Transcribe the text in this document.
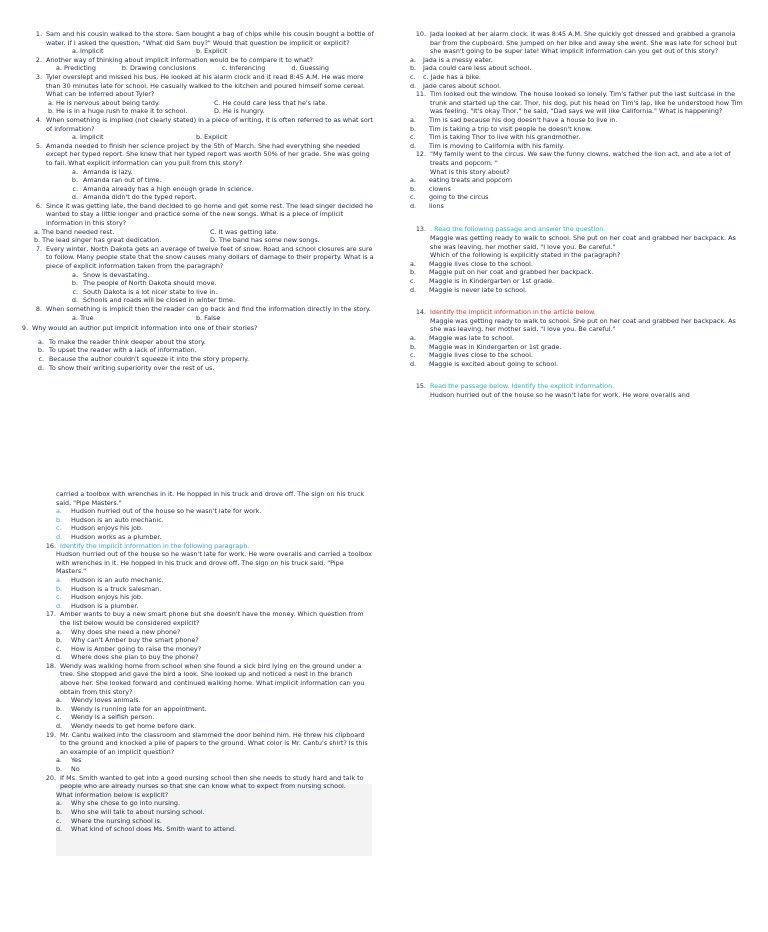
1. Sam and his cousin walked to the store. Sam bought a bag of chips while his cousin bought a bottle of water. If I asked the question, "What did Sam buy?" Would that question be implicit or explicit?
a. Implicit	b. Explicit
2. Another way of thinking about implicit information would be to compare it to what?
a. Predicting	b. Drawing conclusions	c. Inferencing	d. Guessing
3. Tyler overslept and missed his bus. He looked at his alarm clock and it read 8:45 A.M. He was more than 30 minutes late for school. He casually walked to the kitchen and poured himself some cereal. What can be inferred about Tyler?
a. He is nervous about being tardy.	C. He could care less that he's late.
b. He is in a huge rush to make it to school.	D. He is hungry.
4. When something is implied (not clearly stated) in a piece of writing, it is often referred to as what sort of information?
a. Implicit	b. Explicit
5. Amanda needed to finish her science project by the 5th of March. She had everything she needed except her typed report. She knew that her typed report was worth 50% of her grade. She was going to fail. What explicit information can you pull from this story?
a. Amanda is lazy.
b. Amanda ran out of time.
c. Amanda already has a high enough grade in science.
d. Amanda didn't do the typed report.
6. Since it was getting late, the band decided to go home and get some rest. The lead singer decided he wanted to stay a little longer and practice some of the new songs. What is a piece of implicit information in this story?
a. The band needed rest.	C. It was getting late.
b. The lead singer has great dedication.	D. The band has some new songs.
7. Every winter, North Dakota gets an average of twelve feet of snow. Road and school closures are sure to follow. Many people state that the snow causes many dollars of damage to their property. What is a piece of explicit information taken from the paragraph?
a. Snow is devastating.
b. The people of North Dakota should move.
c. South Dakota is a lot nicer state to live in.
d. Schools and roads will be closed in winter time.
8. When something is implicit then the reader can go back and find the information directly in the story.
a. True	b. False
9. Why would an author put implicit information into one of their stories?
a. To make the reader think deeper about the story.
b. To upset the reader with a lack of information.
c. Because the author couldn't squeeze it into the story properly.
d. To show their writing superiority over the rest of us.
10. Jada looked at her alarm clock. It was 8:45 A.M. She quickly got dressed and grabbed a granola bar from the cupboard. She jumped on her bike and away she went. She was late for school but she wasn't going to be super late! What implicit information can you get out of this story?
a.	Jada is a messy eater.
b.	Jada could care less about school.
c.	c. Jade has a bike.
d.	Jade cares about school.
11. Tim looked out the window. The house looked so lonely. Tim's father put the last suitcase in the trunk and started up the car. Thor, his dog, put his head on Tim's lap, like he understood how Tim was feeling. "It's okay Thor," he said, "Dad says we will like California." What is happening?
a.	Tim is sad because his dog doesn't have a house to live in.
b.	Tim is taking a trip to visit people he doesn't know.
c.	Tim is taking Thor to live with his grandmother.
d.	Tim is moving to California with his family.
12. "My family went to the circus. We saw the funny clowns, watched the lion act, and ate a lot of treats and popcorn. "
What is this story about?
a.	eating treats and popcorn
b.	clowns
c.	going to the circus
d.	lions
13. . Read the following passage and answer the question.
Maggie was getting ready to walk to school. She put on her coat and grabbed her backpack. As she was leaving, her mother said, "I love you. Be careful."
Which of the following is explicitly stated in the paragraph?
a.	Maggie lives close to the school.
b.	Maggie put on her coat and grabbed her backpack.
c.	Maggie is in Kindergarten or 1st grade.
d.	Maggie is never late to school.
14. Identify the implicit information in the article below.
Maggie was getting ready to walk to school. She put on her coat and grabbed her backpack. As she was leaving, her mother said, "I love you. Be careful."
a.	Maggie was late to school.
b.	Maggie was in Kindergarten or 1st grade.
c.	Maggie lives close to the school.
d.	Maggie is excited about going to school.
15. Read the passage below. Identify the explicit information.
Hudson hurried out of the house so he wasn't late for work. He wore overalls and
carried a toolbox with wrenches in it. He hopped in his truck and drove off. The sign on his truck said, "Pipe Masters."
a.	Hudson hurried out of the house so he wasn't late for work.
b.	Hudson is an auto mechanic.
c.	Hudson enjoys his job.
d.	Hudson works as a plumber.
16. Identify the implicit information in the following paragraph.
Hudson hurried out of the house so he wasn't late for work. He wore overalls and carried a toolbox with wrenches in it. He hopped in his truck and drove off. The sign on his truck said, "Pipe Masters."
a.	Hudson is an auto mechanic.
b.	Hudson is a truck salesman.
c.	Hudson enjoys his job.
d.	Hudson is a plumber.
17. Amber wants to buy a new smart phone but she doesn't have the money. Which question from the list below would be considered explicit?
a.	Why does she need a new phone?
b.	Why can't Amber buy the smart phone?
c.	How is Amber going to raise the money?
d.	Where does she plan to buy the phone?
18. Wendy was walking home from school when she found a sick bird lying on the ground under a tree. She stopped and gave the bird a look. She looked up and noticed a nest in the branch above her. She looked forward and continued walking home. What implicit information can you obtain from this story?
a.	Wendy loves animals.
b.	Wendy is running late for an appointment.
c.	Wendy is a selfish person.
d.	Wendy needs to get home before dark.
19. Mr. Cantu walked into the classroom and slammed the door behind him. He threw his clipboard to the ground and knocked a pile of papers to the ground. What color is Mr. Cantu's shirt? Is this an example of an implicit question?
a.	Yes
b.	No
20. If Ms. Smith wanted to get into a good nursing school then she needs to study hard and talk to people who are already nurses so that she can know what to expect from nursing school.
What information below is explicit?
a.	Why she chose to go into nursing.
b.	Who she will talk to about nursing school.
c.	Where the nursing school is.
d.	What kind of school does Ms. Smith want to attend.
